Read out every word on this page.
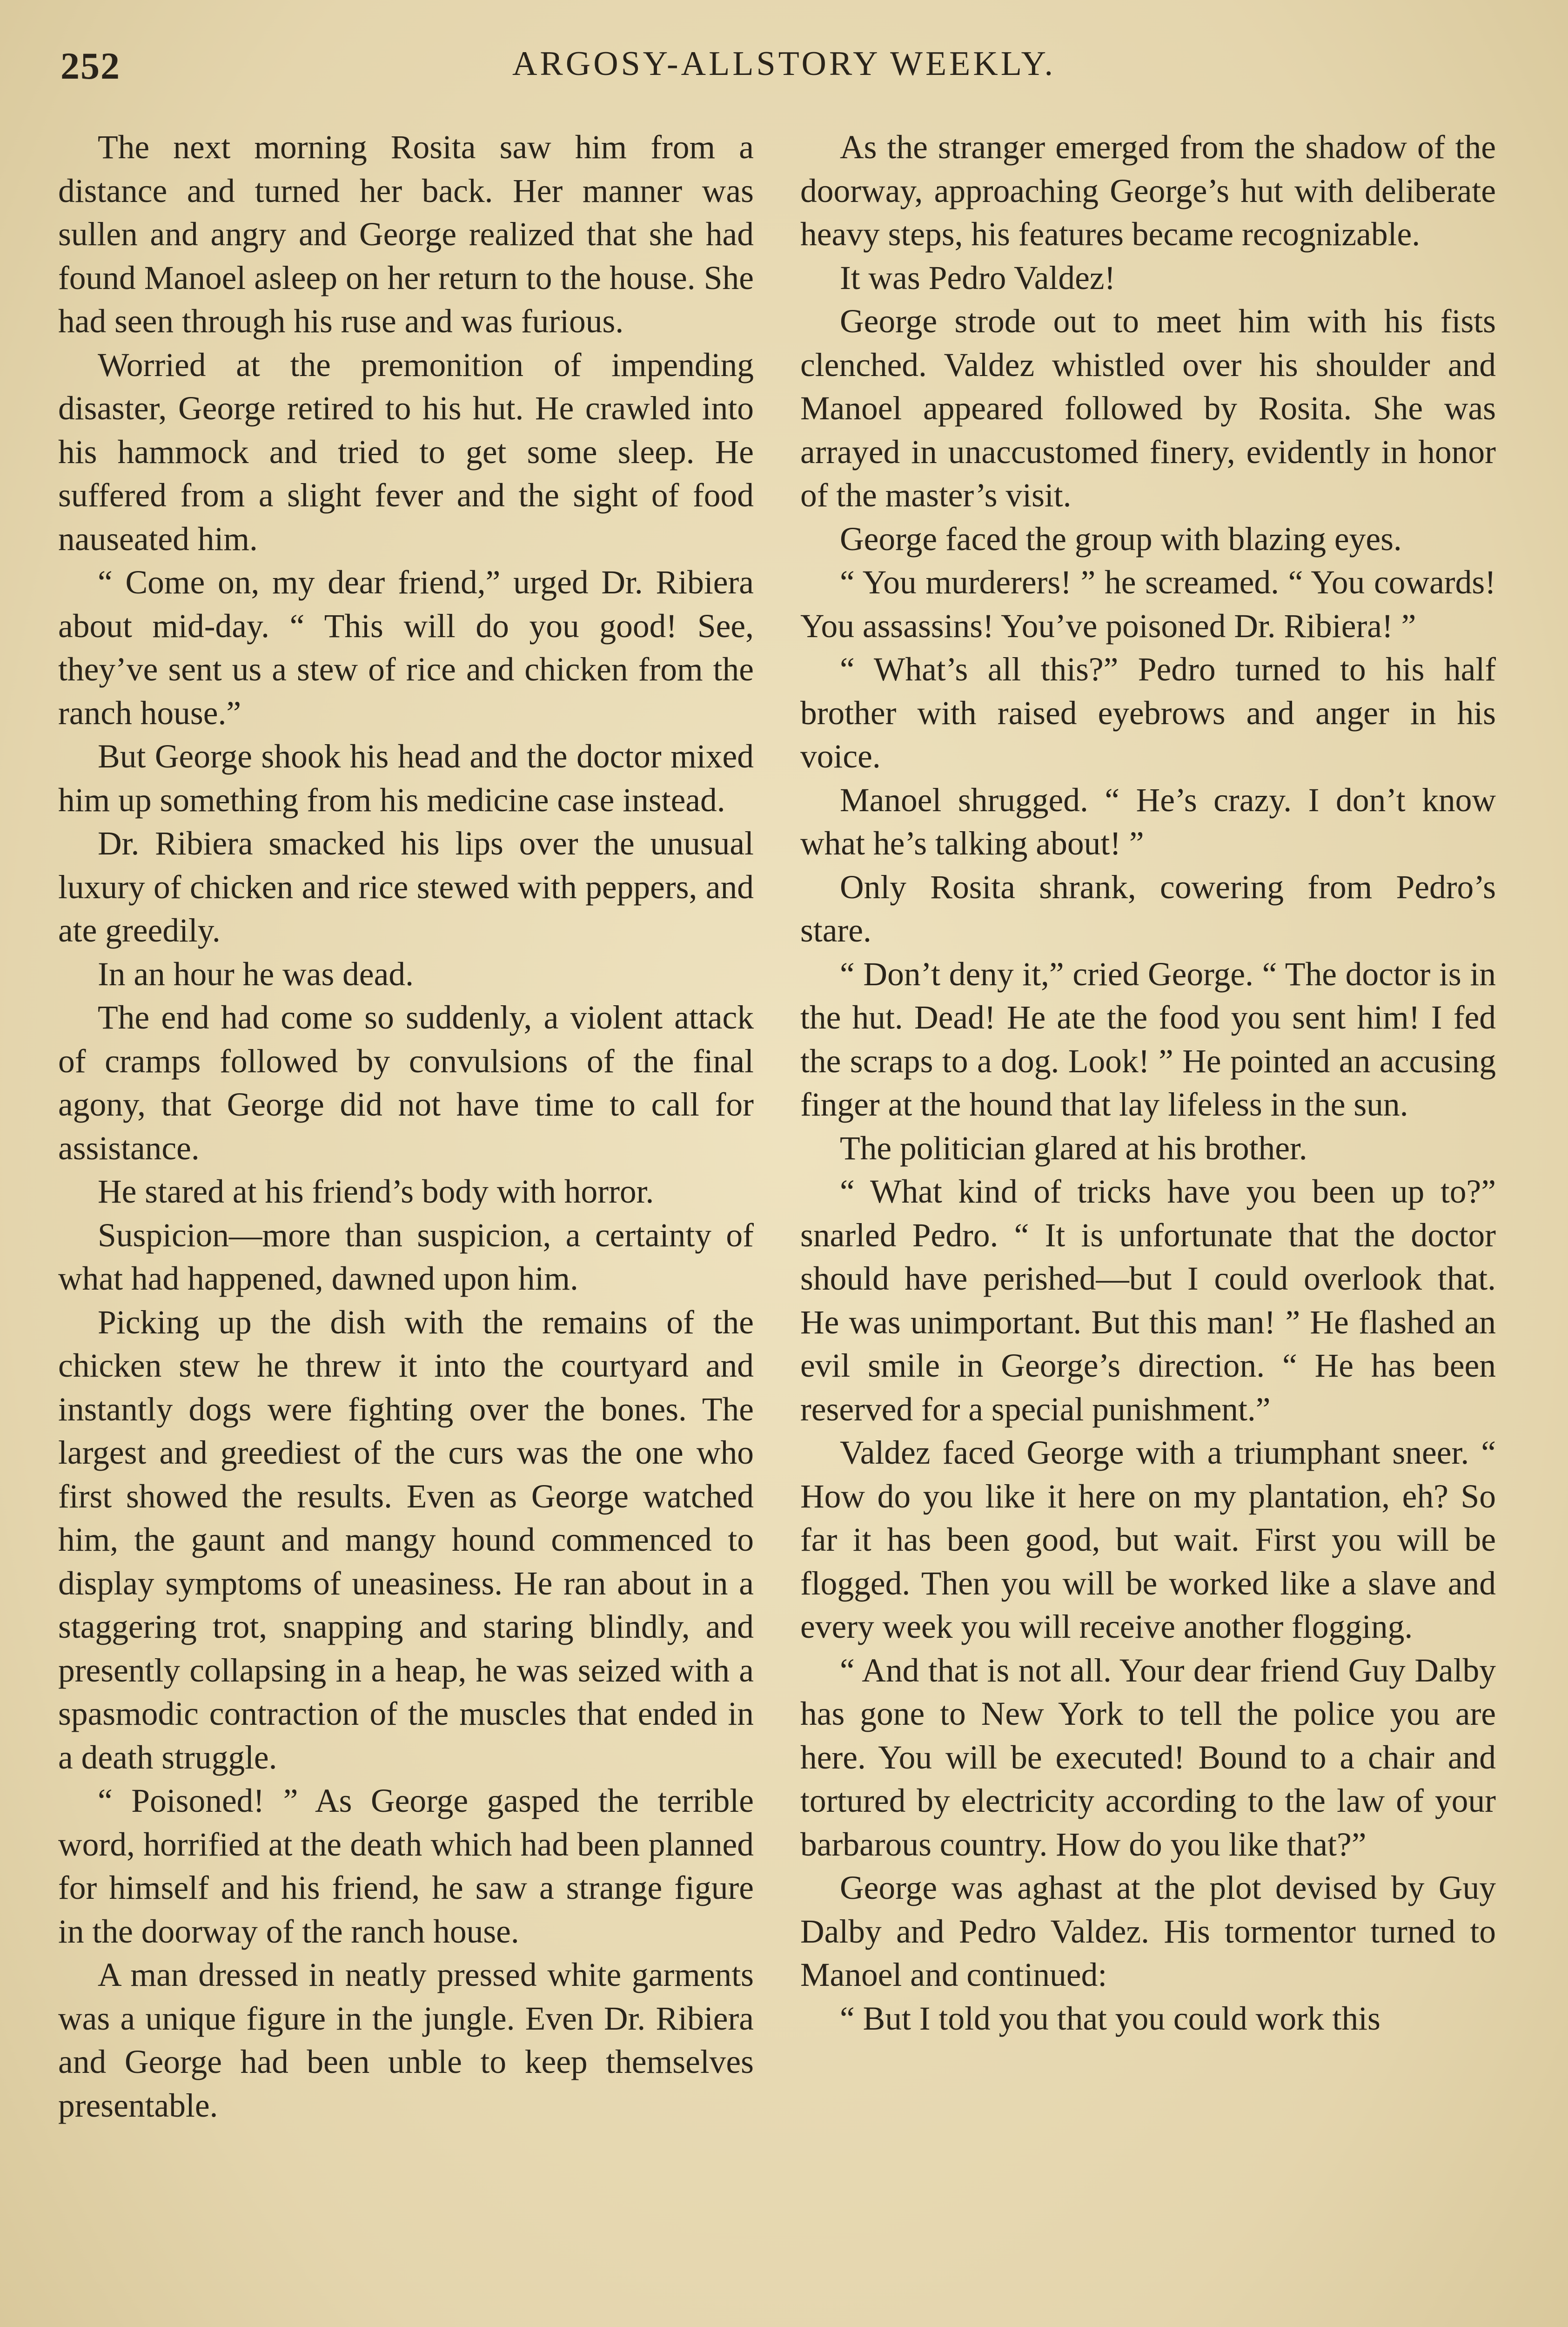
252	ARGOSY-ALLSTORY WEEKLY.

The next morning Rosita saw him from a distance and turned her back. Her manner was sullen and angry and George realized that she had found Manoel asleep on her return to the house. She had seen through his ruse and was furious.

Worried at the premonition of impending disaster, George retired to his hut. He crawled into his hammock and tried to get some sleep. He suffered from a slight fever and the sight of food nauseated him.

“ Come on, my dear friend,” urged Dr. Ribiera about mid-day. “ This will do you good! See, they’ve sent us a stew of rice and chicken from the ranch house.”

But George shook his head and the doctor mixed him up something from his medicine case instead.

Dr. Ribiera smacked his lips over the unusual luxury of chicken and rice stewed with peppers, and ate greedily.

In an hour he was dead.

The end had come so suddenly, a violent attack of cramps followed by convulsions of the final agony, that George did not have time to call for assistance.

He stared at his friend’s body with horror.

Suspicion—more than suspicion, a certainty of what had happened, dawned upon him.

Picking up the dish with the remains of the chicken stew he threw it into the courtyard and instantly dogs were fighting over the bones. The largest and greediest of the curs was the one who first showed the results. Even as George watched him, the gaunt and mangy hound commenced to display symptoms of uneasiness. He ran about in a staggering trot, snapping and staring blindly, and presently collapsing in a heap, he was seized with a spasmodic contraction of the muscles that ended in a death struggle.

“ Poisoned! ” As George gasped the terrible word, horrified at the death which had been planned for himself and his friend, he saw a strange figure in the doorway of the ranch house.

A man dressed in neatly pressed white garments was a unique figure in the jungle. Even Dr. Ribiera and George had been unble to keep themselves presentable.

As the stranger emerged from the shadow of the doorway, approaching George’s hut with deliberate heavy steps, his features became recognizable.

It was Pedro Valdez!

George strode out to meet him with his fists clenched. Valdez whistled over his shoulder and Manoel appeared followed by Rosita. She was arrayed in unaccustomed finery, evidently in honor of the master’s visit.

George faced the group with blazing eyes.

“ You murderers! ” he screamed. “ You cowards! You assassins! You’ve poisoned Dr. Ribiera! ”

“ What’s all this?” Pedro turned to his half brother with raised eyebrows and anger in his voice.

Manoel shrugged. “ He’s crazy. I don’t know what he’s talking about! ”

Only Rosita shrank, cowering from Pedro’s stare.

“ Don’t deny it,” cried George. “ The doctor is in the hut. Dead! He ate the food you sent him! I fed the scraps to a dog. Look! ” He pointed an accusing finger at the hound that lay lifeless in the sun.

The politician glared at his brother.

“ What kind of tricks have you been up to?” snarled Pedro. “ It is unfortunate that the doctor should have perished—but I could overlook that. He was unimportant. But this man! ” He flashed an evil smile in George’s direction. “ He has been reserved for a special punishment.”

Valdez faced George with a triumphant sneer. “ How do you like it here on my plantation, eh? So far it has been good, but wait. First you will be flogged. Then you will be worked like a slave and every week you will receive another flogging.

“ And that is not all. Your dear friend Guy Dalby has gone to New York to tell the police you are here. You will be executed! Bound to a chair and tortured by electricity according to the law of your barbarous country. How do you like that?”

George was aghast at the plot devised by Guy Dalby and Pedro Valdez. His tormentor turned to Manoel and continued:

“ But I told you that you could work this
